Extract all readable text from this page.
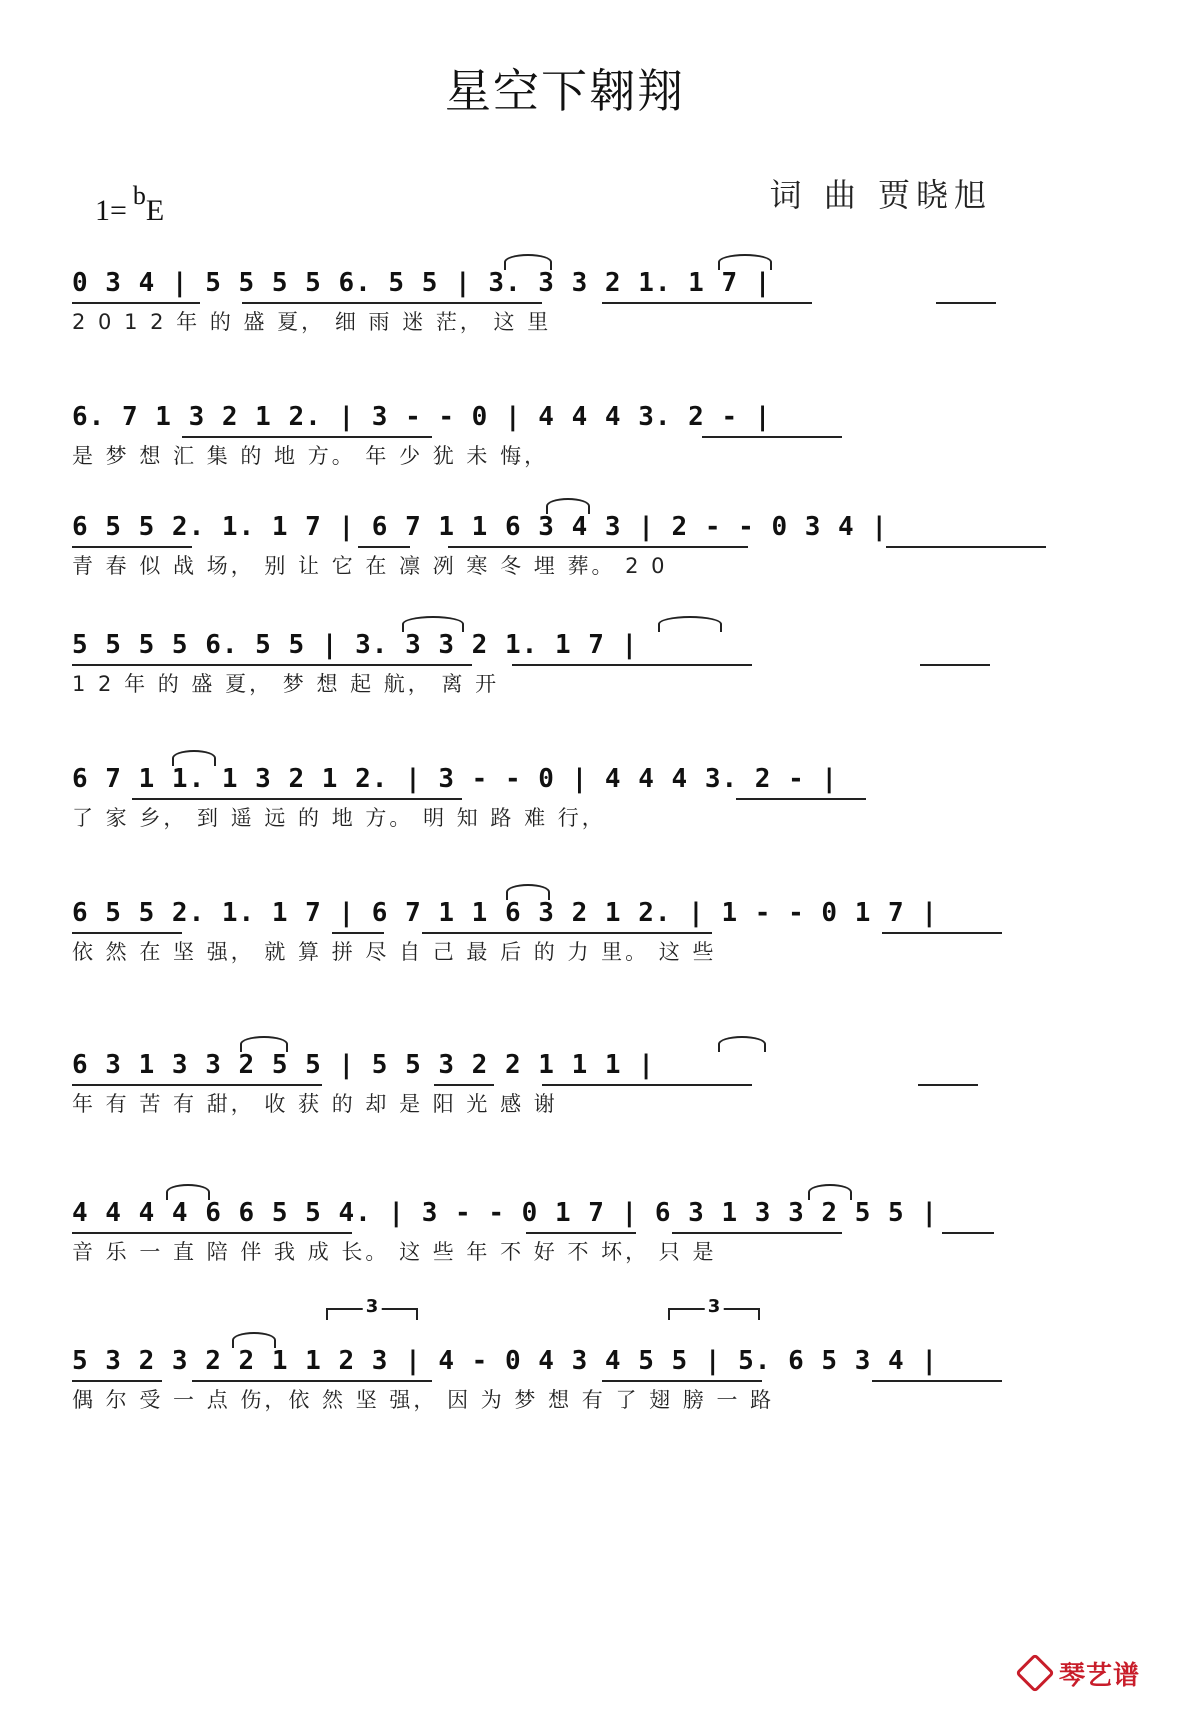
星空下翱翔

1= bE	词 曲 贾晓旭
0 3 4 | 5 5 5 5 6. 5 5 | 3. 3 3 2 1. 1 7 |
2 0 1 2 年 的 盛 夏， 细 雨 迷 茫， 这 里
6. 7 1 3 2 1 2. | 3 - - 0 | 4 4 4 3. 2 - |
是 梦 想 汇 集 的 地 方。 年 少 犹 未 悔，
6 5 5 2. 1. 1 7 | 6 7 1 1 6 3 4 3 | 2 - - 0 3 4 |
青 春 似 战 场， 别 让 它 在 凛 冽 寒 冬 埋 葬。 2 0
5 5 5 5 6. 5 5 | 3. 3 3 2 1. 1 7 |
1 2 年 的 盛 夏， 梦 想 起 航， 离 开
6 7 1 1. 1 3 2 1 2. | 3 - - 0 | 4 4 4 3. 2 - |
了 家 乡， 到 遥 远 的 地 方。 明 知 路 难 行，
6 5 5 2. 1. 1 7 | 6 7 1 1 6 3 2 1 2. | 1 - - 0 1 7 |
依 然 在 坚 强， 就 算 拼 尽 自 己 最 后 的 力 里。 这 些
6 3 1 3 3 2 5 5 | 5 5 3 2 2 1 1 1 |
年 有 苦 有 甜， 收 获 的 却 是 阳 光 感 谢
4 4 4 4 6 6 5 5 4. | 3 - - 0 1 7 | 6 3 1 3 3 2 5 5 |
音 乐 一 直 陪 伴 我 成 长。 这 些 年 不 好 不 坏， 只 是
5 3 2 3 2 2 1 1 2 3 | 4 - 0 4 3 4 5 5 | 5. 6 5 3 4 |
偶 尔 受 一 点 伤，依 然 坚 强， 因 为 梦 想 有 了 翅 膀 一 路
3	3
琴艺谱
